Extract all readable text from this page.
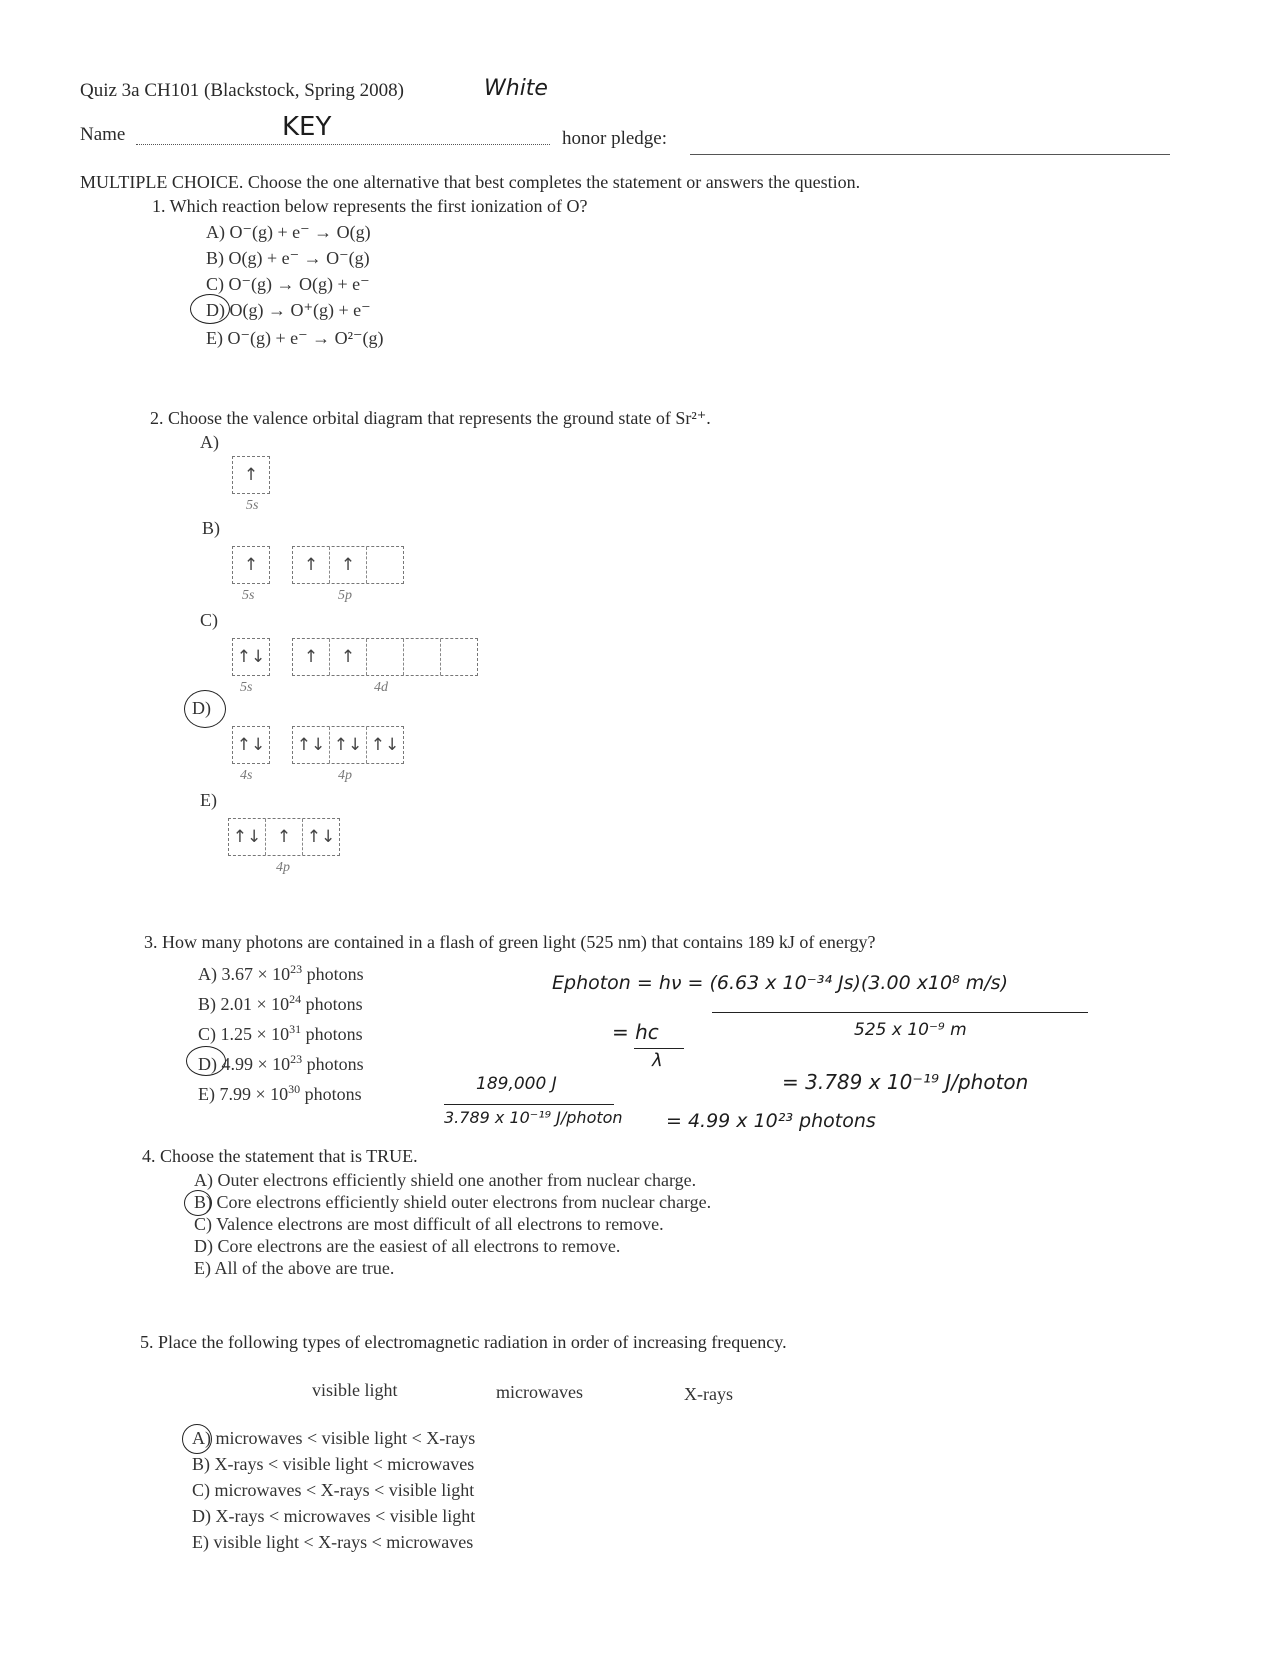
Quiz 3a CH101 (Blackstock, Spring 2008)	White
Name	KEY	honor pledge:
MULTIPLE CHOICE. Choose the one alternative that best completes the statement or answers the question.
1. Which reaction below represents the first ionization of O?
A) O⁻(g) + e⁻ → O(g)
B) O(g) + e⁻ → O⁻(g)
C) O⁻(g) → O(g) + e⁻
D) O(g) → O⁺(g) + e⁻
E) O⁻(g) + e⁻ → O²⁻(g)
2. Choose the valence orbital diagram that represents the ground state of Sr²⁺.
A)
↑
5s
B)
↑	↑	↑
5s	5p
C)
↑↓	↑	↑
5s	4d
D)
↑↓ ↑↓ ↑↓ ↑↓
4s	4p
E)
↑↓ ↑ ↑↓
4p
3. How many photons are contained in a flash of green light (525 nm) that contains 189 kJ of energy?
A) $3.67 \times 10^{23}$ photons
B) $2.01 \times 10^{24}$ photons
C) $1.25 \times 10^{31}$ photons
D) $4.99 \times 10^{23}$ photons
E) $7.99 \times 10^{30}$ photons
Ephoton = hν = (6.63 x 10⁻³⁴ Js)(3.00 x10⁸ m/s)
525 x 10⁻⁹ m
= hc
λ
= 3.789 x 10⁻¹⁹ J/photon
189,000 J
3.789 x 10⁻¹⁹ J/photon = 4.99 x 10²³ photons
4. Choose the statement that is TRUE.
A) Outer electrons efficiently shield one another from nuclear charge.
B) Core electrons efficiently shield outer electrons from nuclear charge.
C) Valence electrons are most difficult of all electrons to remove.
D) Core electrons are the easiest of all electrons to remove.
E) All of the above are true.
5. Place the following types of electromagnetic radiation in order of increasing frequency.
visible light	microwaves	X-rays
A) microwaves < visible light < X-rays
B) X-rays < visible light < microwaves
C) microwaves < X-rays < visible light
D) X-rays < microwaves < visible light
E) visible light < X-rays < microwaves
